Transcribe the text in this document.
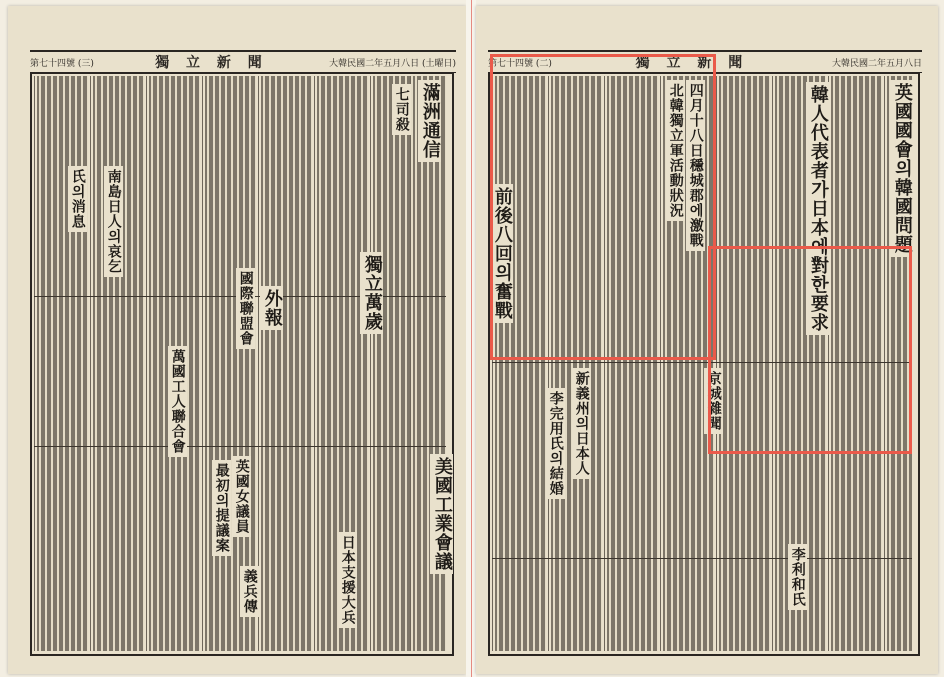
第七十四號 (三)	獨 立 新 聞	大韓民國二年五月八日 (土曜日)
滿洲通信
七司殺
獨立萬歲
外報
國際聯盟會
萬國工人聯合會
英國女議員
最初의提議案	美國工業會議
日本支援大兵
南島日人의哀乞
氏의消息
義兵傳
第七十四號 (二)	獨 立 新 聞	大韓民國二年五月八日
英國國會의韓國問題
韓人代表者가日本에對한要求
四月十八日穩城郡에激戰
北韓獨立軍活動狀況
前後八回의奮戰
新義州의日本人
李完用氏의結婚	京城雜聞
李利和氏
